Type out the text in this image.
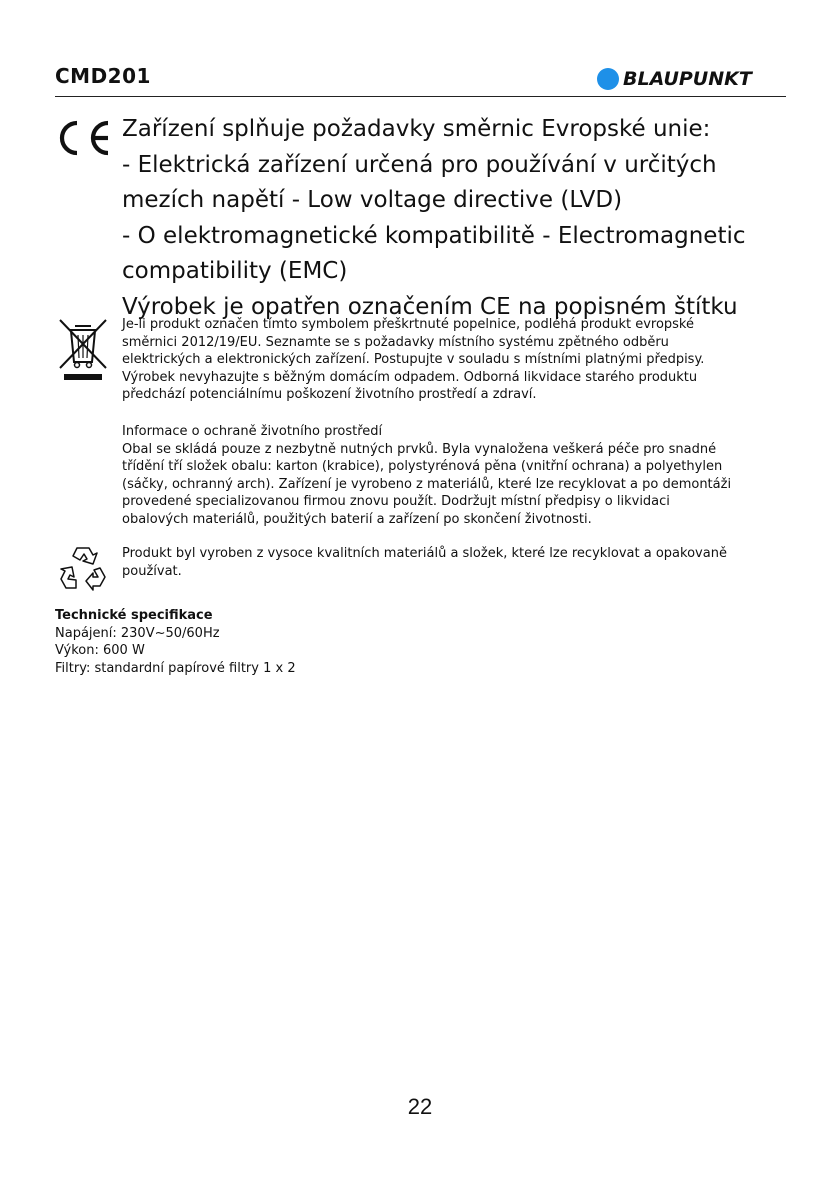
CMD201	BLAUPUNKT
Zařízení splňuje požadavky směrnic Evropské unie:
- Elektrická zařízení určená pro používání v určitých
mezích napětí - Low voltage directive (LVD)
- O elektromagnetické kompatibilitě - Electromagnetic
compatibility (EMC)
Výrobek je opatřen označením CE na popisném štítku
Je-li produkt označen tímto symbolem přeškrtnuté popelnice, podléhá produkt evropské
směrnici 2012/19/EU. Seznamte se s požadavky místního systému zpětného odběru
elektrických a elektronických zařízení. Postupujte v souladu s místními platnými předpisy.
Výrobek nevyhazujte s běžným domácím odpadem. Odborná likvidace starého produktu
předchází potenciálnímu poškození životního prostředí a zdraví.
Informace o ochraně životního prostředí
Obal se skládá pouze z nezbytně nutných prvků. Byla vynaložena veškerá péče pro snadné
třídění tří složek obalu: karton (krabice), polystyrénová pěna (vnitřní ochrana) a polyethylen
(sáčky, ochranný arch). Zařízení je vyrobeno z materiálů, které lze recyklovat a po demontáži
provedené specializovanou firmou znovu použít. Dodržujt místní předpisy o likvidaci
obalových materiálů, použitých baterií a zařízení po skončení životnosti.
Produkt byl vyroben z vysoce kvalitních materiálů a složek, které lze recyklovat a opakovaně
používat.
Technické specifikace
Napájení: 230V~50/60Hz
Výkon: 600 W
Filtry: standardní papírové filtry 1 x 2
22
